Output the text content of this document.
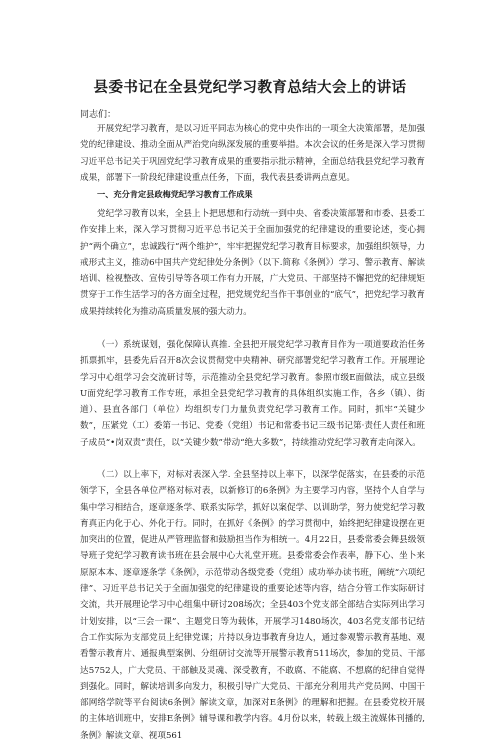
县委书记在全县党纪学习教育总结大会上的讲话
同志们：

开展党纪学习教育，是以习近平同志为核心的党中央作出的一项全大决策部署，是加强党的纪律建设、推动全面从严治党向纵深发展的重要举措。本次会议的任务是深入学习贯彻习近平总书记关于巩固党纪学习教育成果的重要指示批示精神，全面总结我县党纪学习教育成果，部署下一阶段纪律建设重点任务，下面，我代表县委讲两点意见。

一、充分肯定县政梅党纪学习教育工作成果

党纪学习教育以来，全县上卜把思想和行动统一到中央、省委决策部署和市委、县委工作安排上来，深入学习贯彻习近平总书记关于全面加强党的纪律建设的重要论述，变心拥护“两个确立”，忠诚践行“两个维护”，牢牢把握党纪学习教育目标要求，加强组织领导，力戒形式主义，推动6中国共产党纪律处分条例》（以下.简称《条例》）学习、警示教育、解读培训、检视整改、宣传引导等各项工作有力开展，广大党员、干部坚持不懈把党的纪律规矩贯穿于工作生活学习的各方面全过程，把党规党纪当作干事创业的“底气”，把党纪学习教育成果持续转化为推动高质量发展的强大动力。

（一）系统谋划，强化保障认真推. 全县把开展党纪学习教育目作为一项道要政治任务抓票抓牢，县委先后召开8次会议贯彻党中央精神、研究部署党纪学习教育工作。开展理论学习中心组学习会交流研讨等，示范推动全县党纪学习教育。参照市级E面做法，成立县级U面党纪学习教育工作专班，承担全县党纪学习教育的具体组织实施工作，各乡（镇）、街道）、县直各部门（单位）均组织专门力量负责党纪学习教育工作。同时，抓牢“关键少数”，压紧党（工）委第一书记、党委（党组）书记和常委书记三级书记第·责任人责任和班子成员“•岗双责”责任，以“关键少数”带动“绝大多数”，持续推动党纪学习教育走向深入。

（二）以上率下，对标对表深入学. 全县坚持以上率下，以深学促落实，在县委的示范领学下，全县各单位严格对标对表，以新修订的6条例》为主要学习内容，坚持个人自学与集中学习相结合，逐章逐条学、联系实际学，抓好以案促学、以训助学，努力使党纪学习教育真正内化于心、外化于行。同时，在抓好《条例》的学习贯彻中，始终把纪律建设摆在更加突出的位置，促进从严管理监督和鼓励担当作为相统一。4月22日，县委常委会舞县级领导班子党纪学习教育读书班在县会展中心大礼堂开班。县委常委会作表率，静下心、坐卜来原原本本、逐章逐条学《条例》，示范带动各级党委（党组）成功举办读书班，阐统“六项纪律”、习近平总书记关于全面加强党的纪律建设的重要论述等内容，结合分管工作实际研讨交流，共开展理论学习中心组集中研讨208场次；全县403个党支部全部结合实际列出学习计划安排，以“三会一课”、主题党日等为载体，开展学习1480场次，403名党支部书记结合工作实际为支部党员上纪律党课；片持以身边事教育身边人，通过参观警示教育基地、观看警示教育片、通报典型案例、分组研讨交流等开展警示教育511场次，参加的党员、干部达5752人，广大党员、干部触及灵魂、深受教育，不敢腐、不能腐、不想腐的纪律自觉得到强化。同时，解读培训多向发力，积极引导广大党员、干部充分利用共产党员网、中国干部网络学院等平台阅读6条例》解读文章，加深对E条例》的理解和把握。在县委党校开展的主体培训班中，安排E条例》辅导课和教学内容。4月份以来，转载上级主流媒体刊播的, 条例》解读文章、视项561
